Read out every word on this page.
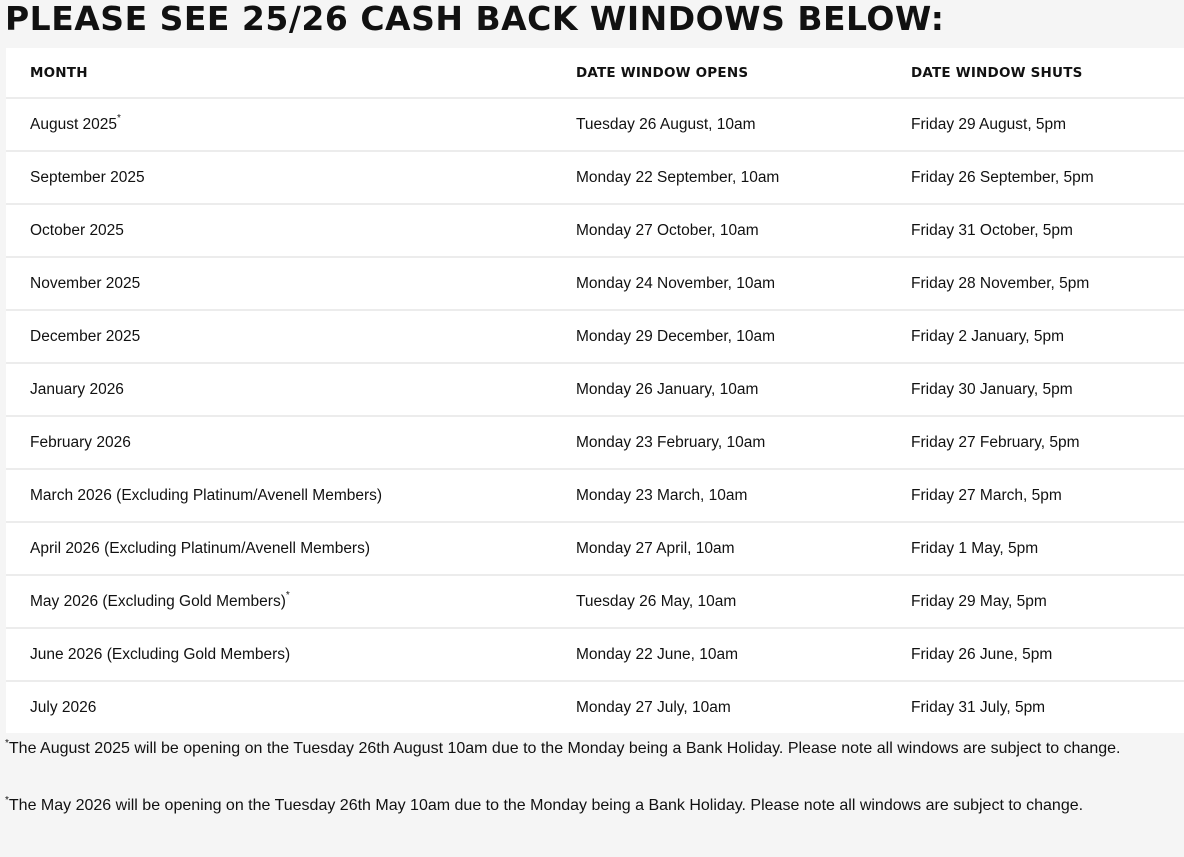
PLEASE SEE 25/26 CASH BACK WINDOWS BELOW:
MONTH	DATE WINDOW OPENS	DATE WINDOW SHUTS
August 2025*	Tuesday 26 August, 10am	Friday 29 August, 5pm
September 2025	Monday 22 September, 10am	Friday 26 September, 5pm
October 2025	Monday 27 October, 10am	Friday 31 October, 5pm
November 2025	Monday 24 November, 10am	Friday 28 November, 5pm
December 2025	Monday 29 December, 10am	Friday 2 January, 5pm
January 2026	Monday 26 January, 10am	Friday 30 January, 5pm
February 2026	Monday 23 February, 10am	Friday 27 February, 5pm
March 2026 (Excluding Platinum/Avenell Members)	Monday 23 March, 10am	Friday 27 March, 5pm
April 2026 (Excluding Platinum/Avenell Members)	Monday 27 April, 10am	Friday 1 May, 5pm
May 2026 (Excluding Gold Members)*	Tuesday 26 May, 10am	Friday 29 May, 5pm
June 2026 (Excluding Gold Members)	Monday 22 June, 10am	Friday 26 June, 5pm
July 2026	Monday 27 July, 10am	Friday 31 July, 5pm

*The August 2025 will be opening on the Tuesday 26th August 10am due to the Monday being a Bank Holiday. Please note all windows are subject to change.

*The May 2026 will be opening on the Tuesday 26th May 10am due to the Monday being a Bank Holiday. Please note all windows are subject to change.
